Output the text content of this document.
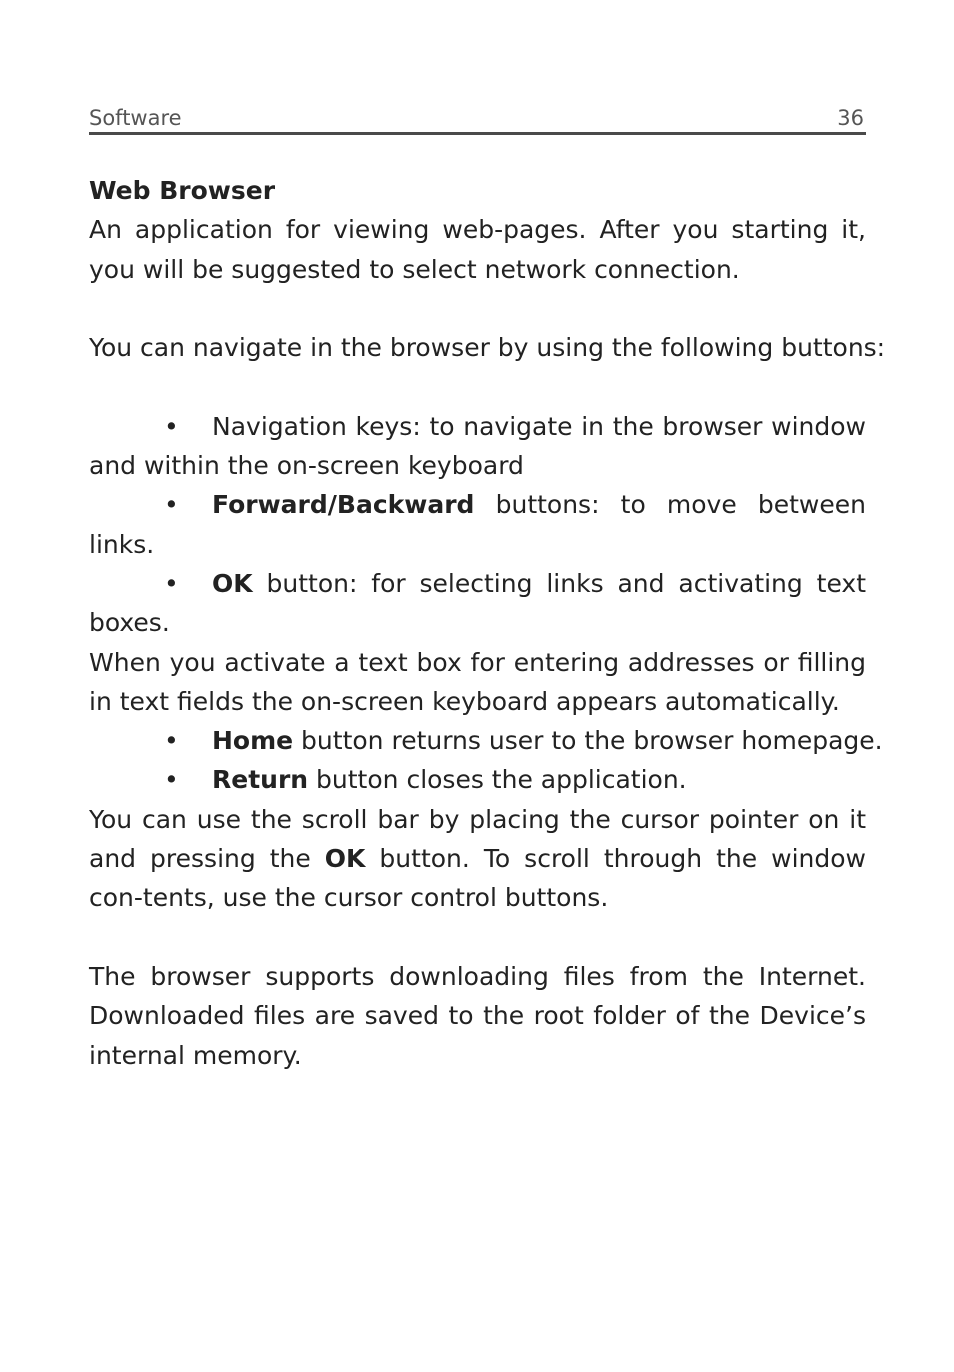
Software	36

Web Browser

An application for viewing web-pages. After you starting it, you will be suggested to select network connection.

You can navigate in the browser by using the following buttons:

• Navigation keys: to navigate in the browser window and within the on-screen keyboard

• Forward/Backward buttons: to move between links.

• OK button: for selecting links and activating text boxes.

When you activate a text box for entering addresses or filling in text fields the on-screen keyboard appears automatically.

• Home button returns user to the browser homepage.

• Return button closes the application.

You can use the scroll bar by placing the cursor pointer on it and pressing the OK button. To scroll through the window con-tents, use the cursor control buttons.

The browser supports downloading files from the Internet. Downloaded files are saved to the root folder of the Device’s internal memory.
